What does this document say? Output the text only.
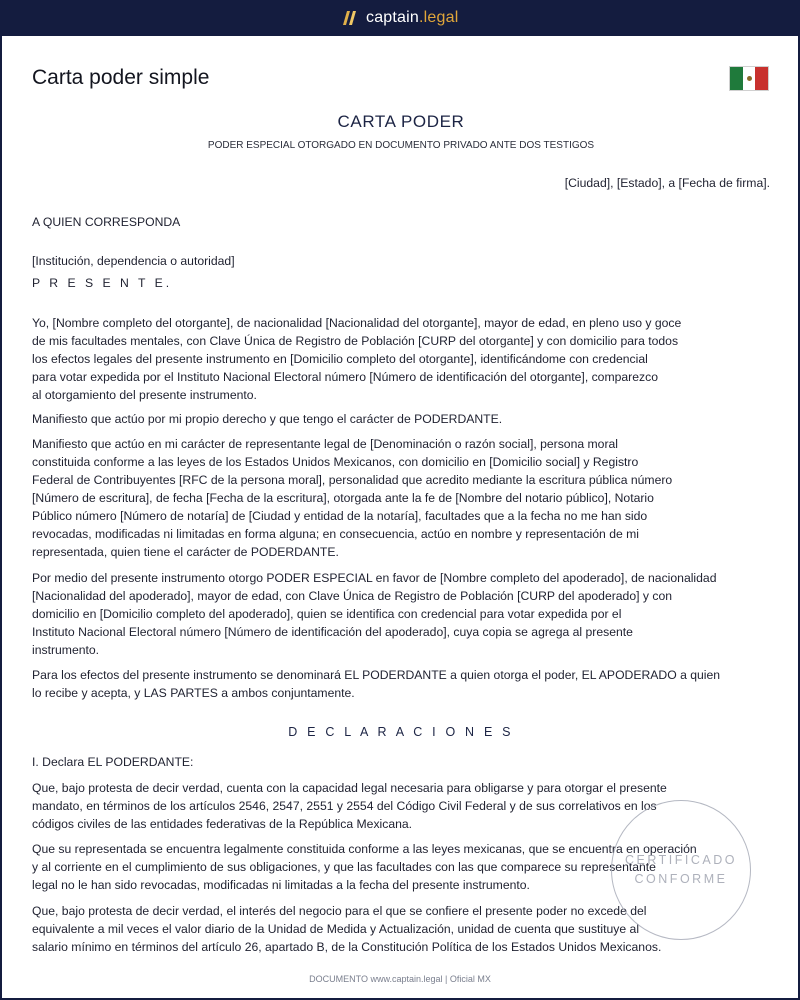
captain.legal
Carta poder simple
CARTA PODER
PODER ESPECIAL OTORGADO EN DOCUMENTO PRIVADO ANTE DOS TESTIGOS
[Ciudad], [Estado], a [Fecha de firma].
A QUIEN CORRESPONDA
[Institución, dependencia o autoridad]
P R E S E N T E.
Yo, [Nombre completo del otorgante], de nacionalidad [Nacionalidad del otorgante], mayor de edad, en pleno uso y goce
de mis facultades mentales, con Clave Única de Registro de Población [CURP del otorgante] y con domicilio para todos
los efectos legales del presente instrumento en [Domicilio completo del otorgante], identificándome con credencial
para votar expedida por el Instituto Nacional Electoral número [Número de identificación del otorgante], comparezco
al otorgamiento del presente instrumento.
Manifiesto que actúo por mi propio derecho y que tengo el carácter de PODERDANTE.
Manifiesto que actúo en mi carácter de representante legal de [Denominación o razón social], persona moral
constituida conforme a las leyes de los Estados Unidos Mexicanos, con domicilio en [Domicilio social] y Registro
Federal de Contribuyentes [RFC de la persona moral], personalidad que acredito mediante la escritura pública número
[Número de escritura], de fecha [Fecha de la escritura], otorgada ante la fe de [Nombre del notario público], Notario
Público número [Número de notaría] de [Ciudad y entidad de la notaría], facultades que a la fecha no me han sido
revocadas, modificadas ni limitadas en forma alguna; en consecuencia, actúo en nombre y representación de mi
representada, quien tiene el carácter de PODERDANTE.
Por medio del presente instrumento otorgo PODER ESPECIAL en favor de [Nombre completo del apoderado], de nacionalidad
[Nacionalidad del apoderado], mayor de edad, con Clave Única de Registro de Población [CURP del apoderado] y con
domicilio en [Domicilio completo del apoderado], quien se identifica con credencial para votar expedida por el
Instituto Nacional Electoral número [Número de identificación del apoderado], cuya copia se agrega al presente
instrumento.
Para los efectos del presente instrumento se denominará EL PODERDANTE a quien otorga el poder, EL APODERADO a quien
lo recibe y acepta, y LAS PARTES a ambos conjuntamente.
D E C L A R A C I O N E S
I. Declara EL PODERDANTE:
Que, bajo protesta de decir verdad, cuenta con la capacidad legal necesaria para obligarse y para otorgar el presente
mandato, en términos de los artículos 2546, 2547, 2551 y 2554 del Código Civil Federal y de sus correlativos en los
códigos civiles de las entidades federativas de la República Mexicana.
Que su representada se encuentra legalmente constituida conforme a las leyes mexicanas, que se encuentra en operación
y al corriente en el cumplimiento de sus obligaciones, y que las facultades con las que comparece su representante
legal no le han sido revocadas, modificadas ni limitadas a la fecha del presente instrumento.
Que, bajo protesta de decir verdad, el interés del negocio para el que se confiere el presente poder no excede del
equivalente a mil veces el valor diario de la Unidad de Medida y Actualización, unidad de cuenta que sustituye al
salario mínimo en términos del artículo 26, apartado B, de la Constitución Política de los Estados Unidos Mexicanos.
CERTIFICADO
CONFORME
DOCUMENTO www.captain.legal | Oficial MX
